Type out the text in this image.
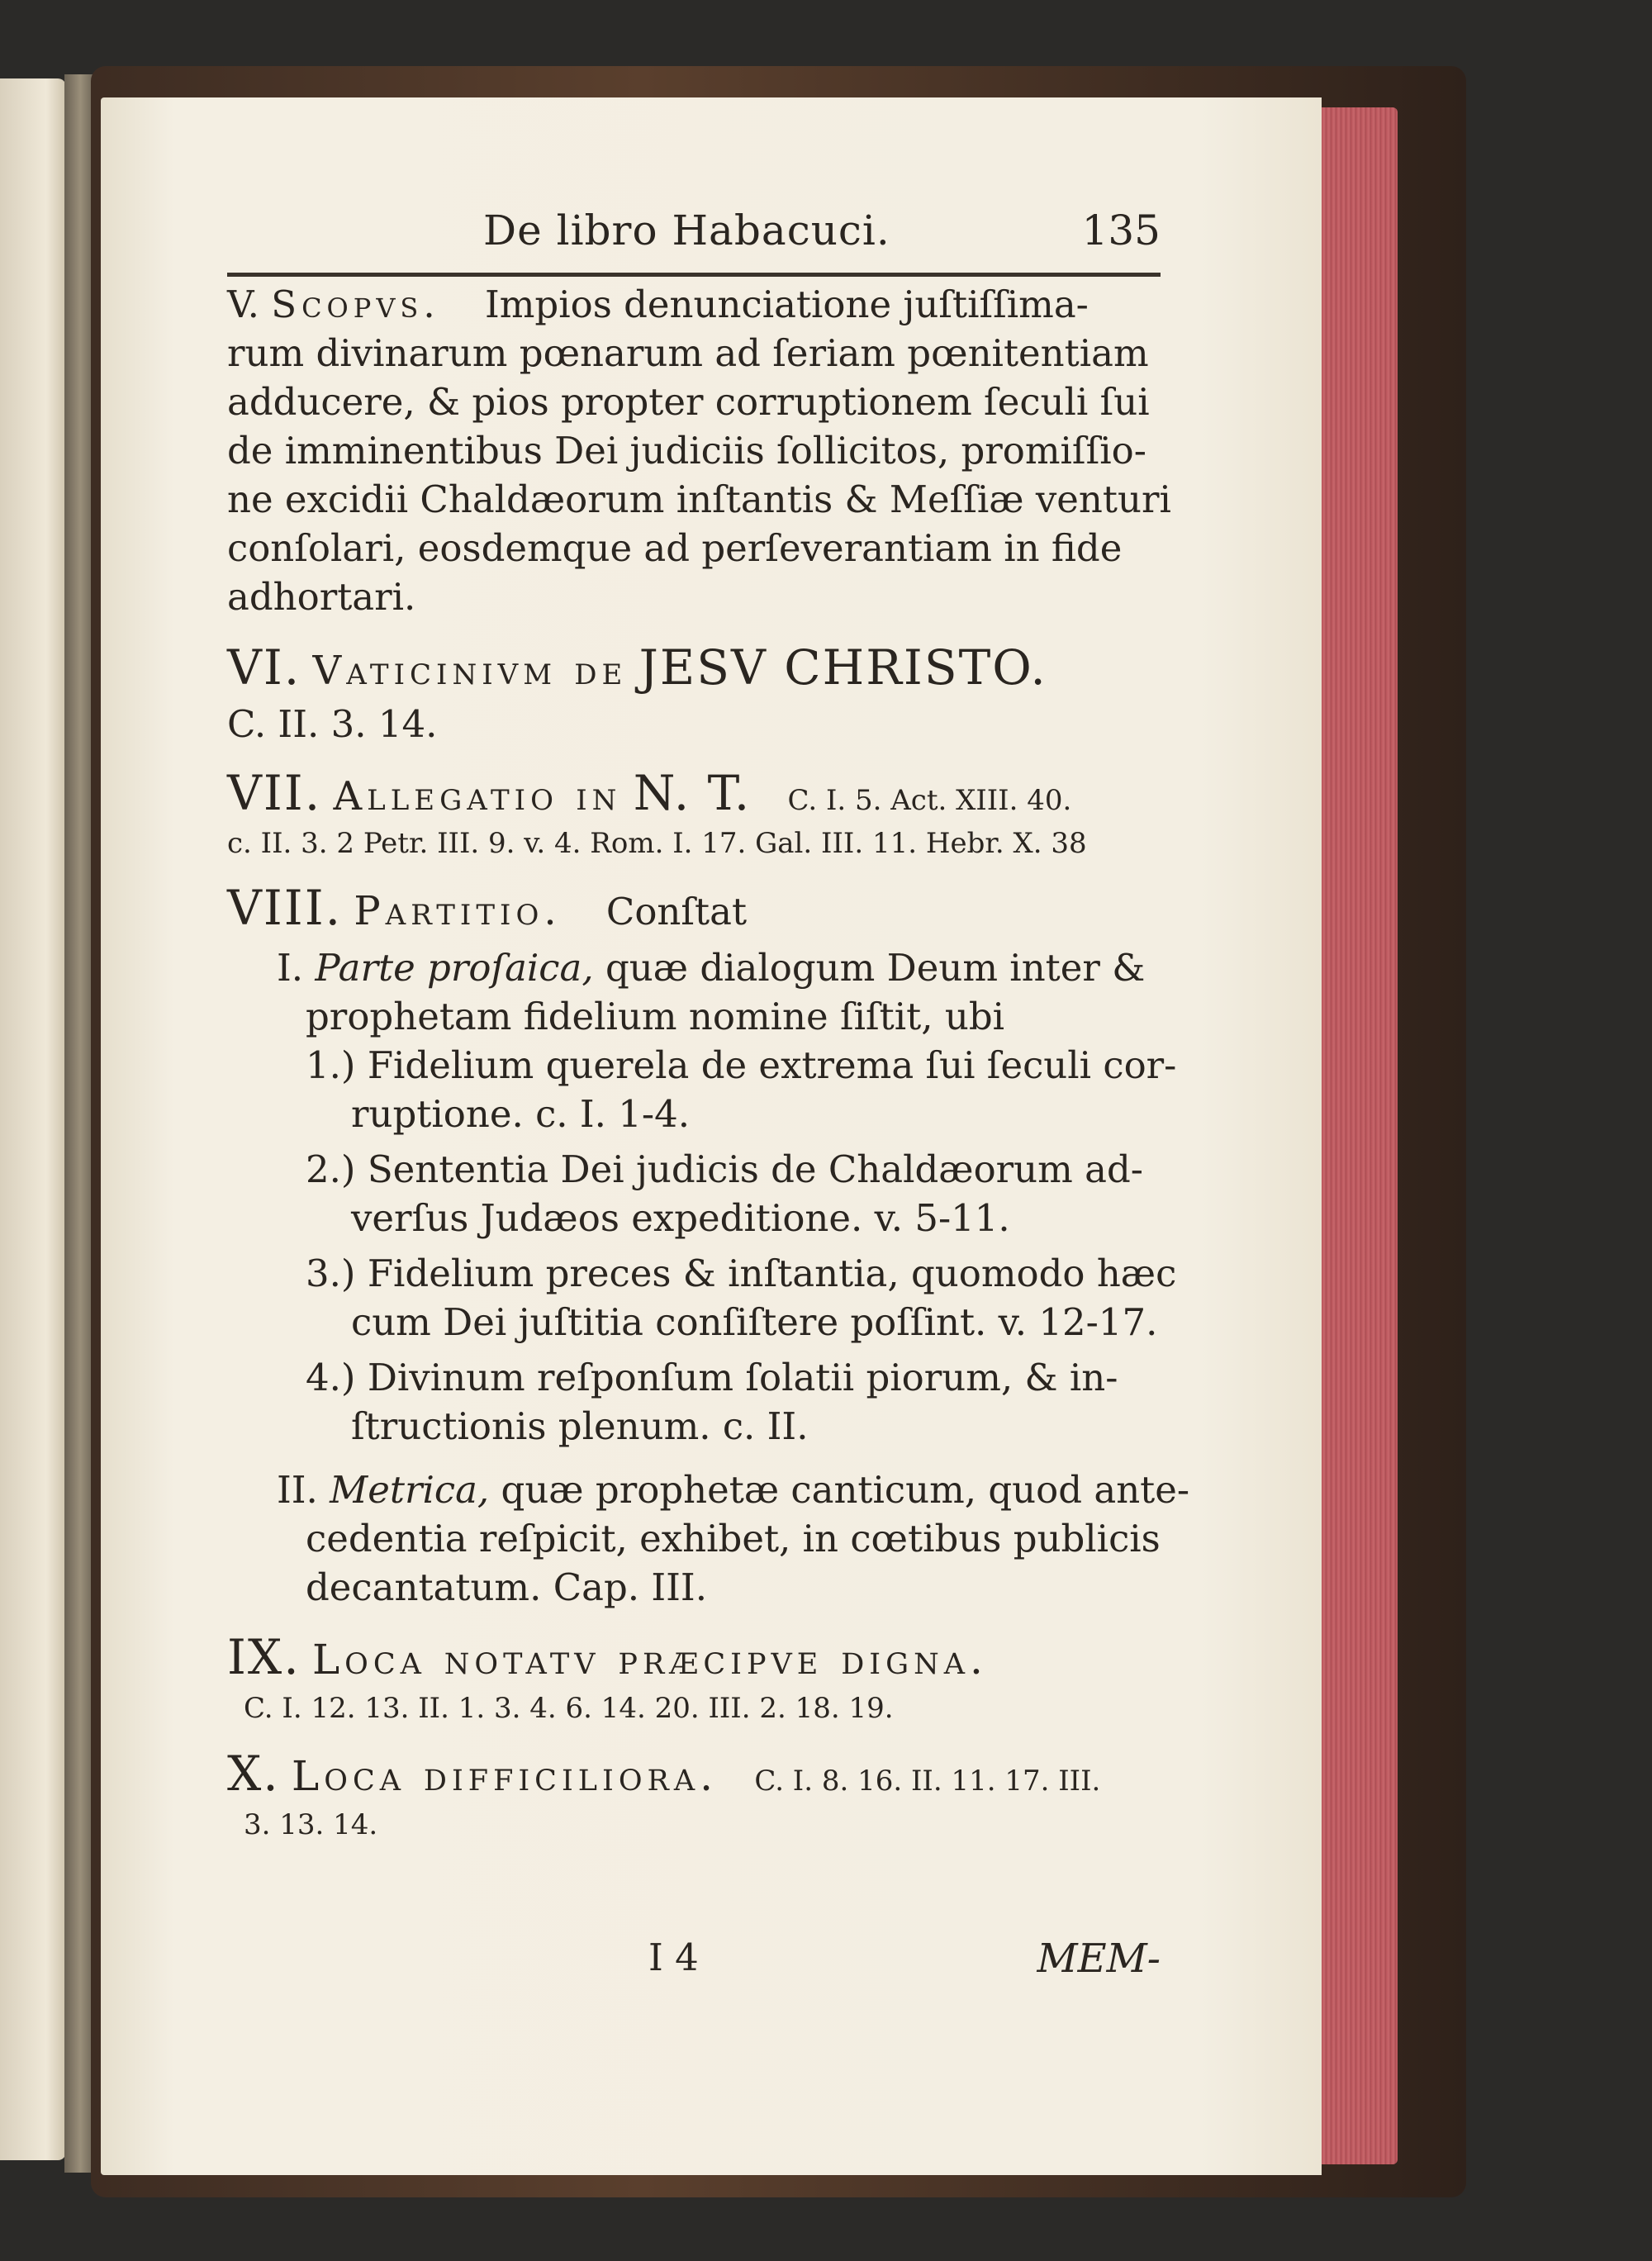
De libro Habacuci.	135
V. Scopvs. Impios denunciatione juſtiſſima-
rum divinarum pœnarum ad ſeriam pœnitentiam
adducere, & pios propter corruptionem ſeculi ſui
de imminentibus Dei judiciis ſollicitos, promiſſio-
ne excidii Chaldæorum inſtantis & Meſſiæ venturi
conſolari, eosdemque ad perſeverantiam in fide
adhortari.
VI. Vaticinivm de JESV CHRISTO.
C. II. 3. 14.
VII. Allegatio in N. T. C. I. 5. Act. XIII. 40.
c. II. 3. 2 Petr. III. 9. v. 4. Rom. I. 17. Gal. III. 11. Hebr. X. 38
VIII. Partitio. Conſtat
I. Parte proſaica, quæ dialogum Deum inter &
prophetam fidelium nomine ſiſtit, ubi
1.) Fidelium querela de extrema ſui ſeculi cor-
ruptione. c. I. 1-4.
2.) Sententia Dei judicis de Chaldæorum ad-
verſus Judæos expeditione. v. 5-11.
3.) Fidelium preces & inſtantia, quomodo hæc
cum Dei juſtitia conſiſtere poſſint. v. 12-17.
4.) Divinum reſponſum ſolatii piorum, & in-
ſtructionis plenum. c. II.
II. Metrica, quæ prophetæ canticum, quod ante-
cedentia reſpicit, exhibet, in cœtibus publicis
decantatum. Cap. III.
IX. Loca notatv præcipve digna.
C. I. 12. 13. II. 1. 3. 4. 6. 14. 20. III. 2. 18. 19.
X. Loca difficiliora. C. I. 8. 16. II. 11. 17. III.
3. 13. 14.
I 4	MEM-
